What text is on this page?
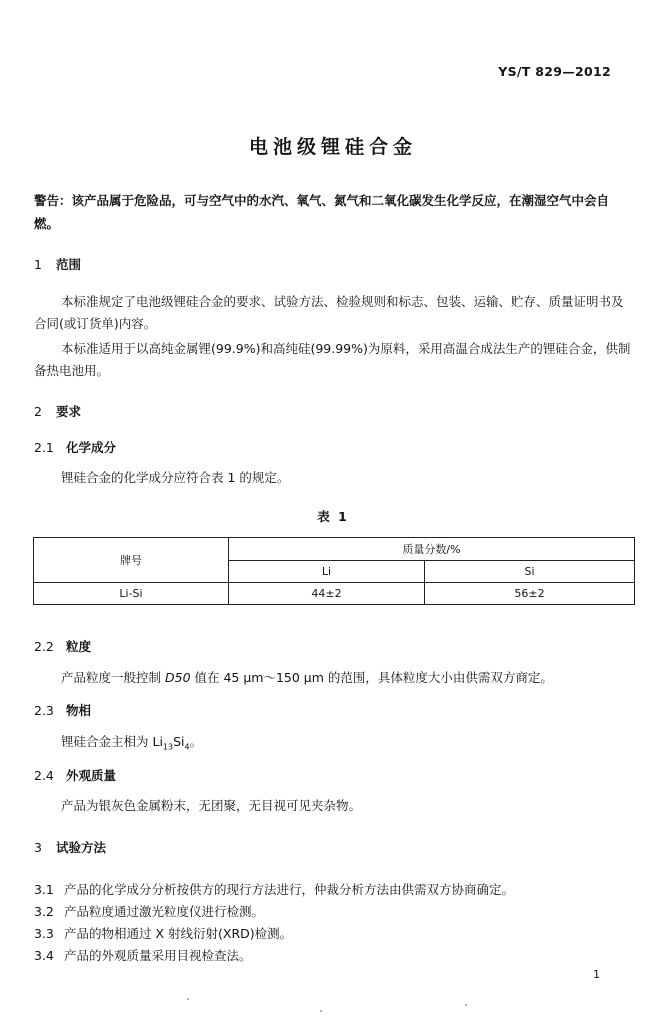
YS/T 829—2012
电池级锂硅合金
警告：该产品属于危险品，可与空气中的水汽、氧气、氮气和二氧化碳发生化学反应，在潮湿空气中会自燃。
1 范围
本标准规定了电池级锂硅合金的要求、试验方法、检验规则和标志、包装、运输、贮存、质量证明书及合同(或订货单)内容。
本标准适用于以高纯金属锂(99.9%)和高纯硅(99.99%)为原料，采用高温合成法生产的锂硅合金，供制备热电池用。
2 要求
2.1 化学成分
锂硅合金的化学成分应符合表 1 的规定。
表 1
牌号	质量分数/%	
	Li	Si
Li-Si	44±2	56±2
2.2 粒度
产品粒度一般控制 D50 值在 45 μm～150 μm 的范围，具体粒度大小由供需双方商定。
2.3 物相
锂硅合金主相为 $Li_{13}Si_4$。
2.4 外观质量
产品为银灰色金属粉末，无团聚，无目视可见夹杂物。
3 试验方法
3.1 产品的化学成分分析按供方的现行方法进行，仲裁分析方法由供需双方协商确定。
3.2 产品粒度通过激光粒度仪进行检测。
3.3 产品的物相通过 X 射线衍射(XRD)检测。
3.4 产品的外观质量采用目视检查法。
1
